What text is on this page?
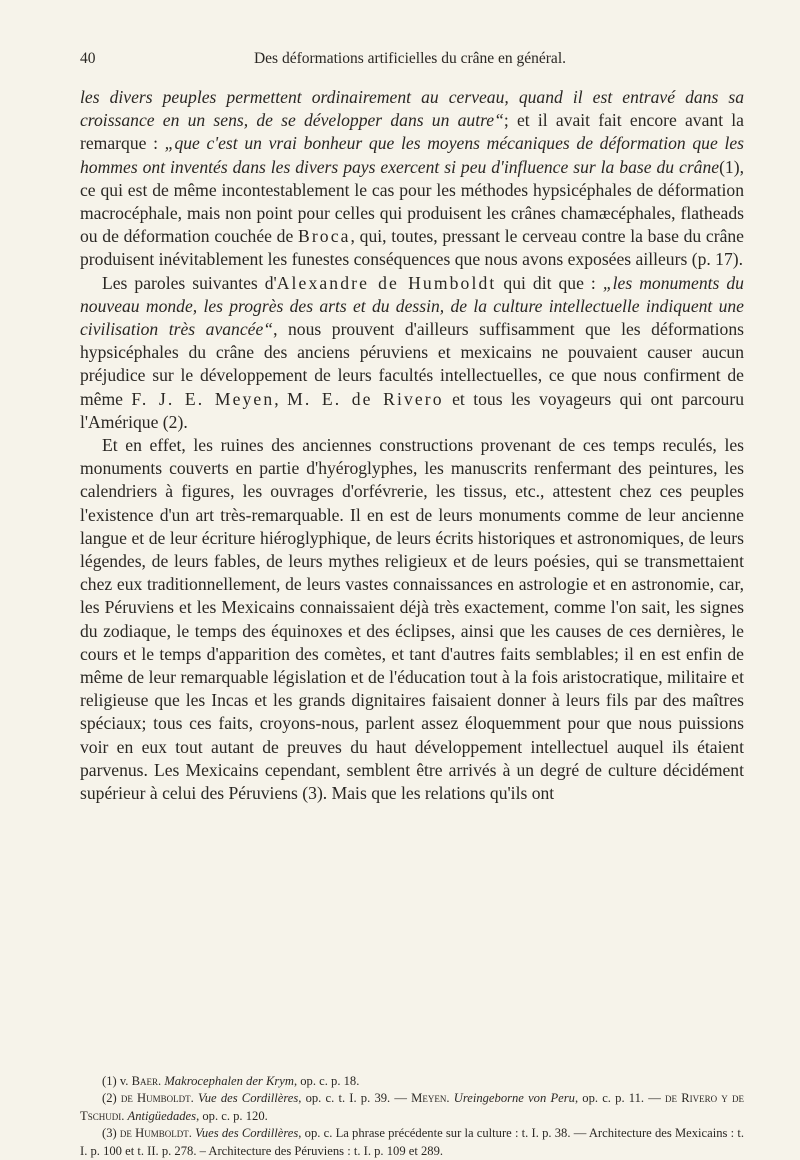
40	Des déformations artificielles du crâne en général.

les divers peuples permettent ordinairement au cerveau, quand il est entravé dans sa croissance en un sens, de se développer dans un autre“; et il avait fait encore avant la remarque : „que c'est un vrai bonheur que les moyens mécaniques de déformation que les hommes ont inventés dans les divers pays exercent si peu d'influence sur la base du crâne(1), ce qui est de même incontestablement le cas pour les méthodes hypsicéphales de déformation macrocéphale, mais non point pour celles qui produisent les crânes chamæcéphales, flatheads ou de déformation couchée de Broca, qui, toutes, pressant le cerveau contre la base du crâne produisent inévitablement les funestes conséquences que nous avons exposées ailleurs (p. 17).

Les paroles suivantes d'Alexandre de Humboldt qui dit que : „les monuments du nouveau monde, les progrès des arts et du dessin, de la culture intellectuelle indiquent une civilisation très avancée“, nous prouvent d'ailleurs suffisamment que les déformations hypsicéphales du crâne des anciens péruviens et mexicains ne pouvaient causer aucun préjudice sur le développement de leurs facultés intellectuelles, ce que nous confirment de même F. J. E. Meyen, M. E. de Rivero et tous les voyageurs qui ont parcouru l'Amérique (2).

Et en effet, les ruines des anciennes constructions provenant de ces temps reculés, les monuments couverts en partie d'hyéroglyphes, les manuscrits renfermant des peintures, les calendriers à figures, les ouvrages d'orfévrerie, les tissus, etc., attestent chez ces peuples l'existence d'un art très-remarquable. Il en est de leurs monuments comme de leur ancienne langue et de leur écriture hiéroglyphique, de leurs écrits historiques et astronomiques, de leurs légendes, de leurs fables, de leurs mythes religieux et de leurs poésies, qui se transmettaient chez eux traditionnellement, de leurs vastes connaissances en astrologie et en astronomie, car, les Péruviens et les Mexicains connaissaient déjà très exactement, comme l'on sait, les signes du zodiaque, le temps des équinoxes et des éclipses, ainsi que les causes de ces dernières, le cours et le temps d'apparition des comètes, et tant d'autres faits semblables; il en est enfin de même de leur remarquable législation et de l'éducation tout à la fois aristocratique, militaire et religieuse que les Incas et les grands dignitaires faisaient donner à leurs fils par des maîtres spéciaux; tous ces faits, croyons-nous, parlent assez éloquemment pour que nous puissions voir en eux tout autant de preuves du haut développement intellectuel auquel ils étaient parvenus. Les Mexicains cependant, semblent être arrivés à un degré de culture décidément supérieur à celui des Péruviens (3). Mais que les relations qu'ils ont

(1) v. Baer. Makrocephalen der Krym, op. c. p. 18.

(2) de Humboldt. Vue des Cordillères, op. c. t. I. p. 39. — Meyen. Ureingeborne von Peru, op. c. p. 11. — de Rivero y de Tschudi. Antigüedades, op. c. p. 120.

(3) de Humboldt. Vues des Cordillères, op. c. La phrase précédente sur la culture : t. I. p. 38. — Architecture des Mexicains : t. I. p. 100 et t. II. p. 278. – Architecture des Péruviens : t. I. p. 109 et 289.
